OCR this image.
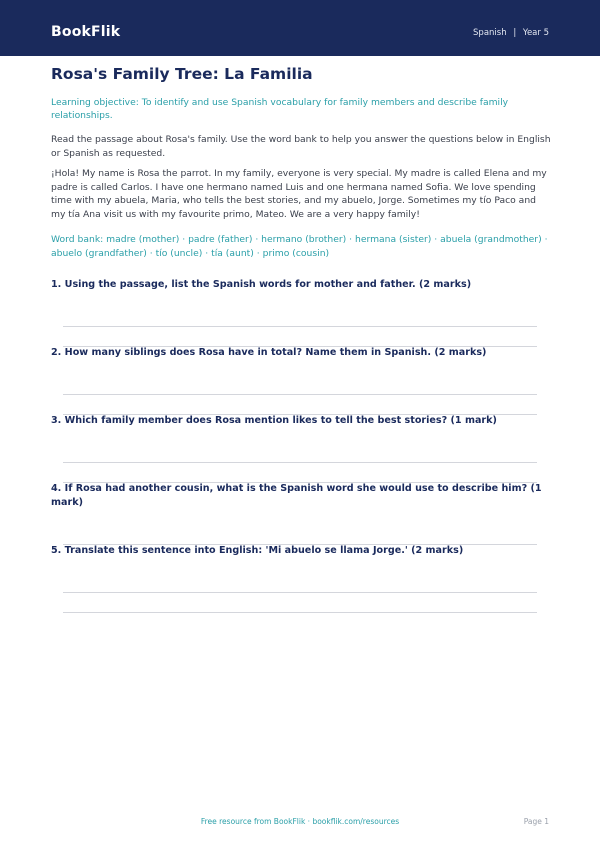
BookFlik	Spanish | Year 5
Rosa's Family Tree: La Familia

Learning objective: To identify and use Spanish vocabulary for family members and describe family relationships.

Read the passage about Rosa's family. Use the word bank to help you answer the questions below in English or Spanish as requested.

¡Hola! My name is Rosa the parrot. In my family, everyone is very special. My madre is called Elena and my padre is called Carlos. I have one hermano named Luis and one hermana named Sofia. We love spending time with my abuela, Maria, who tells the best stories, and my abuelo, Jorge. Sometimes my tío Paco and my tía Ana visit us with my favourite primo, Mateo. We are a very happy family!

Word bank: madre (mother) · padre (father) · hermano (brother) · hermana (sister) · abuela (grandmother) · abuelo (grandfather) · tío (uncle) · tía (aunt) · primo (cousin)

1. Using the passage, list the Spanish words for mother and father. (2 marks)

2. How many siblings does Rosa have in total? Name them in Spanish. (2 marks)

3. Which family member does Rosa mention likes to tell the best stories? (1 mark)

4. If Rosa had another cousin, what is the Spanish word she would use to describe him? (1 mark)

5. Translate this sentence into English: 'Mi abuelo se llama Jorge.' (2 marks)

Free resource from BookFlik · bookflik.com/resources	Page 1
